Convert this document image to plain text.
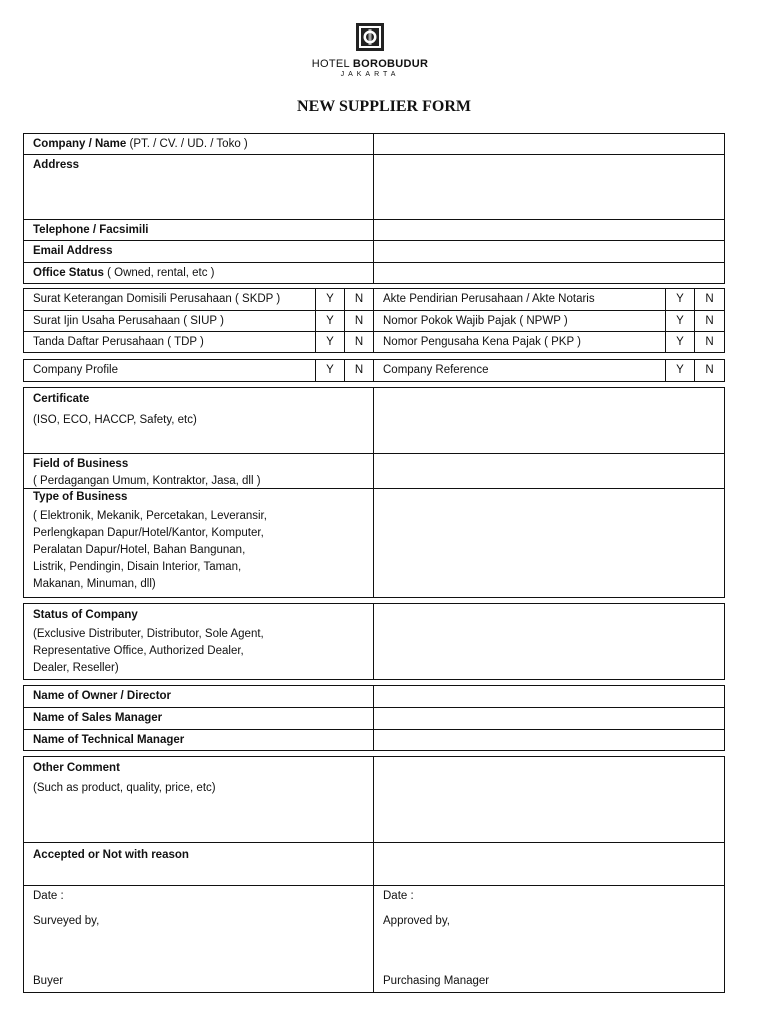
HOTEL BOROBUDUR
JAKARTA
NEW SUPPLIER FORM
Company / Name (PT. / CV. / UD. / Toko )
Address
Telephone / Facsimili
Email Address
Office Status ( Owned, rental, etc )
Surat Keterangan Domisili Perusahaan ( SKDP )	Y	N	Akte Pendirian Perusahaan / Akte Notaris	Y	N
Surat Ijin Usaha Perusahaan ( SIUP )	Y	N	Nomor Pokok Wajib Pajak ( NPWP )	Y	N
Tanda Daftar Perusahaan ( TDP )	Y	N	Nomor Pengusaha Kena Pajak ( PKP )	Y	N
Company Profile	Y	N	Company Reference	Y	N
Certificate
(ISO, ECO, HACCP, Safety, etc)
Field of Business
( Perdagangan Umum, Kontraktor, Jasa, dll )
Type of Business
( Elektronik, Mekanik, Percetakan, Leveransir,
Perlengkapan Dapur/Hotel/Kantor, Komputer,
Peralatan Dapur/Hotel, Bahan Bangunan,
Listrik, Pendingin, Disain Interior, Taman,
Makanan, Minuman, dll)
Status of Company
(Exclusive Distributer, Distributor, Sole Agent,
Representative Office, Authorized Dealer,
Dealer, Reseller)
Name of Owner / Director
Name of Sales Manager
Name of Technical Manager
Other Comment
(Such as product, quality, price, etc)
Accepted or Not with reason
Date :
Surveyed by,
Buyer
Date :
Approved by,
Purchasing Manager
